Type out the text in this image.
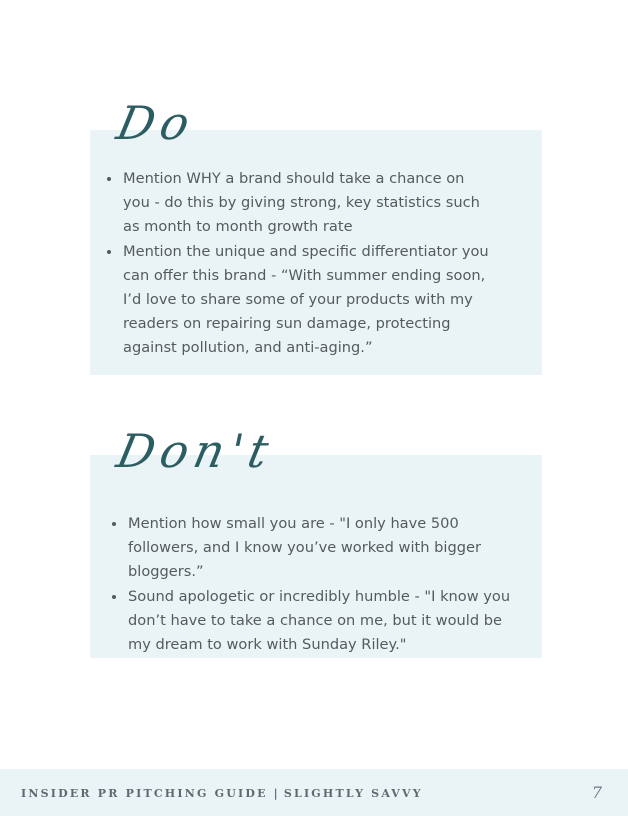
Do
Mention WHY a brand should take a chance on you - do this by giving strong, key statistics such as month to month growth rate
Mention the unique and specific differentiator you can offer this brand - “With summer ending soon, I’d love to share some of your products with my readers on repairing sun damage, protecting against pollution, and anti-aging.”
Don't
Mention how small you are - "I only have 500 followers, and I know you’ve worked with bigger bloggers.”
Sound apologetic or incredibly humble - "I know you don’t have to take a chance on me, but it would be my dream to work with Sunday Riley."
INSIDER PR PITCHING GUIDE | SLIGHTLY SAVVY	7
